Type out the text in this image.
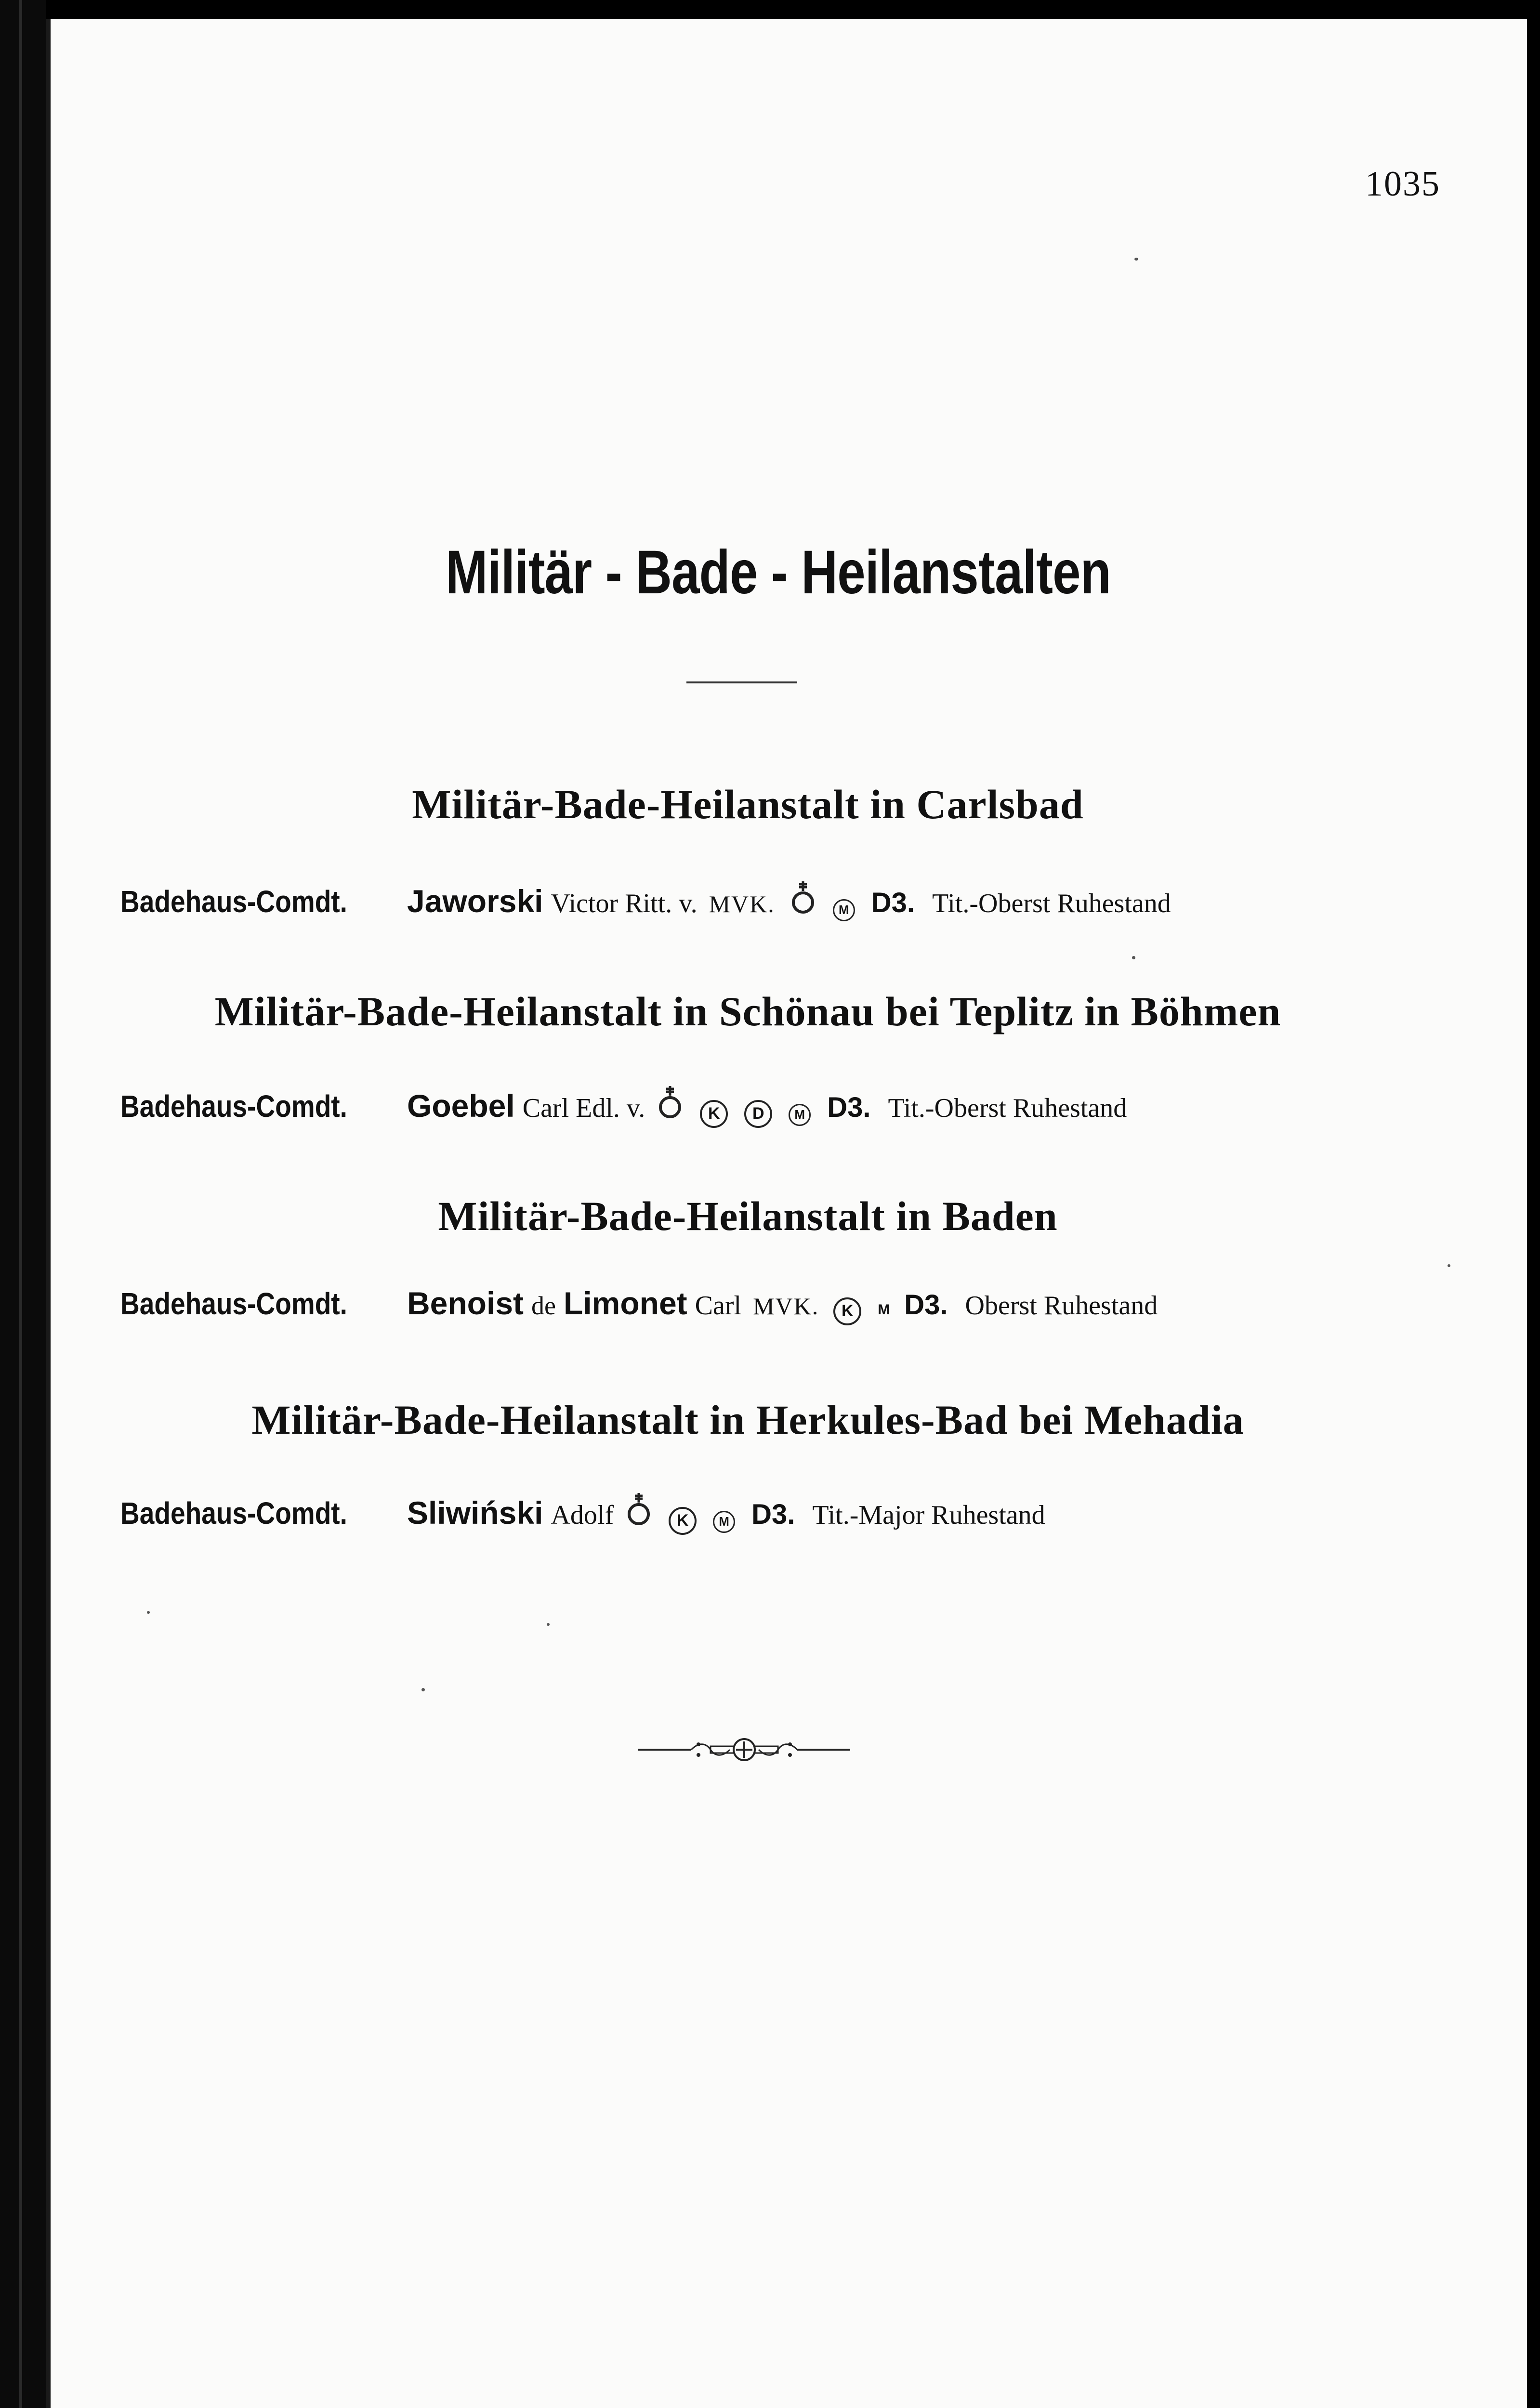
1035
Militär - Bade - Heilanstalten
Militär-Bade-Heilanstalt in Carlsbad
Badehaus-Comdt.	Jaworski Victor Ritt. v. MVK.	M D3. Tit.-Oberst Ruhestand
Militär-Bade-Heilanstalt in Schönau bei Teplitz in Böhmen
Badehaus-Comdt.	Goebel Carl Edl. v.	K	D	M D3. Tit.-Oberst Ruhestand
Militär-Bade-Heilanstalt in Baden
Badehaus-Comdt.	Benoist de Limonet Carl MVK.	K	M D3. Oberst Ruhestand
Militär-Bade-Heilanstalt in Herkules-Bad bei Mehadia
Badehaus-Comdt.	Sliwiński Adolf	K	M D3. Tit.-Major Ruhestand
